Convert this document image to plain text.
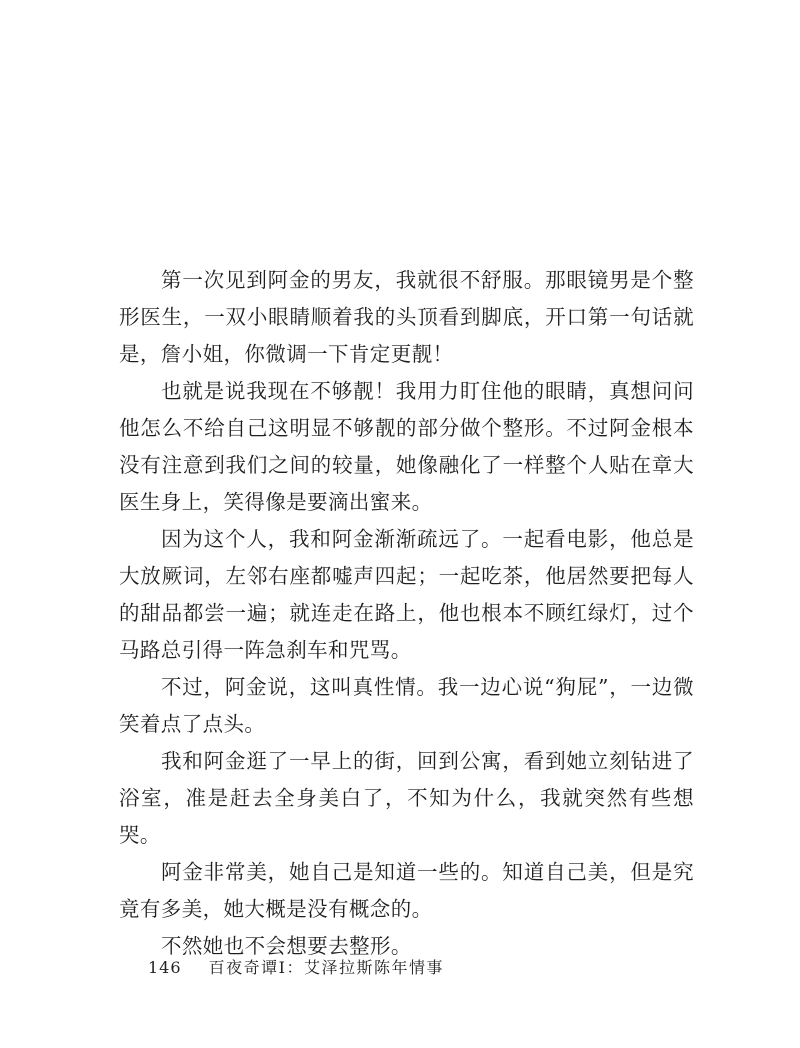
第一次见到阿金的男友，我就很不舒服。那眼镜男是个整形医生，一双小眼睛顺着我的头顶看到脚底，开口第一句话就是，詹小姐，你微调一下肯定更靓！

也就是说我现在不够靓！我用力盯住他的眼睛，真想问问他怎么不给自己这明显不够靓的部分做个整形。不过阿金根本没有注意到我们之间的较量，她像融化了一样整个人贴在章大医生身上，笑得像是要滴出蜜来。

因为这个人，我和阿金渐渐疏远了。一起看电影，他总是大放厥词，左邻右座都嘘声四起；一起吃茶，他居然要把每人的甜品都尝一遍；就连走在路上，他也根本不顾红绿灯，过个马路总引得一阵急刹车和咒骂。

不过，阿金说，这叫真性情。我一边心说“狗屁”，一边微笑着点了点头。

我和阿金逛了一早上的街，回到公寓，看到她立刻钻进了浴室，准是赶去全身美白了，不知为什么，我就突然有些想哭。

阿金非常美，她自己是知道一些的。知道自己美，但是究竟有多美，她大概是没有概念的。

不然她也不会想要去整形。

146 百夜奇谭Ⅰ：艾泽拉斯陈年情事
